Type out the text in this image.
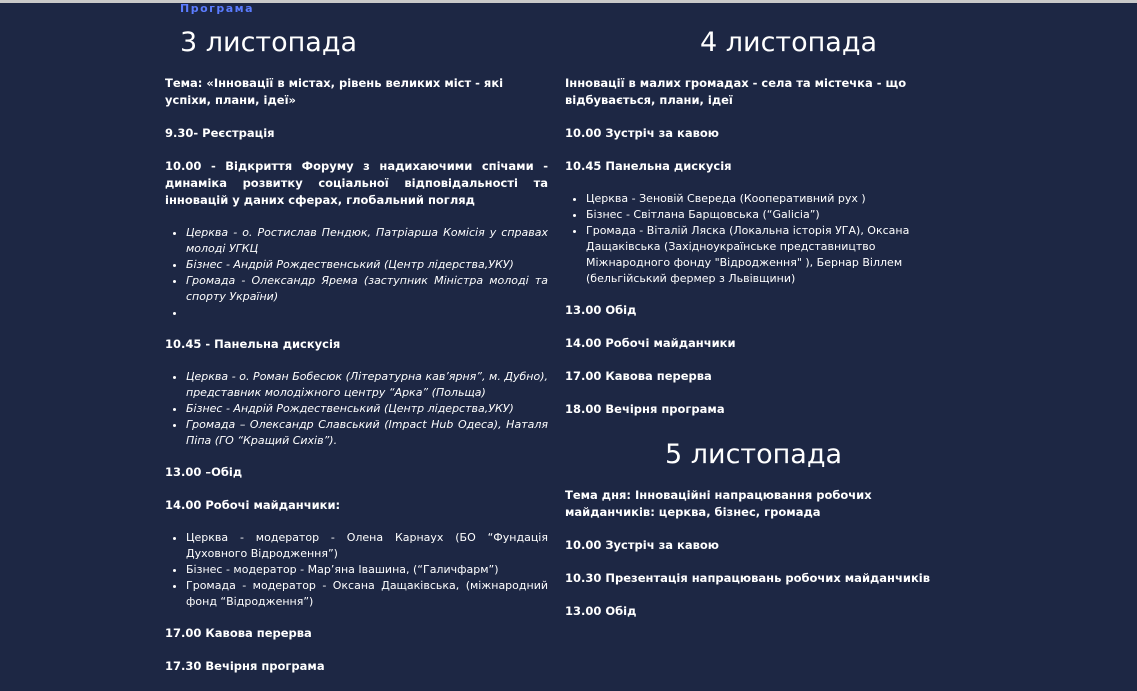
Програма
3 листопада
Тема: «Інновації в містах, рівень великих міст - які успіхи, плани, ідеї»
9.30- Реєстрація
10.00 - Відкриття Форуму з надихаючими спічами - динаміка розвитку соціальної відповідальності та інновацій у даних сферах, глобальний погляд
• Церква - о. Ростислав Пендюк, Патріарша Комісія у справах молоді УГКЦ
• Бізнес - Андрій Рождественський (Центр лідерства,УКУ)
• Громада - Олександр Ярема (заступник Міністра молоді та спорту України)
•
10.45 - Панельна дискусія
• Церква - о. Роман Бобесюк (Літературна кав’ярня”, м. Дубно), представник молодіжного центру “Арка” (Польща)
• Бізнес - Андрій Рождественський (Центр лідерства,УКУ)
• Громада – Олександр Славський (Impact Hub Одеса), Наталя Піпа (ГО “Кращий Сихів”).
13.00 –Обід
14.00 Робочі майданчики:
• Церква - модератор - Олена Карнаух (БО “Фундація Духовного Відродження”)
• Бізнес - модератор - Мар’яна Івашина, (“Галичфарм”)
• Громада - модератор - Оксана Дащаківська, (міжнародний фонд “Відродження”)
17.00 Кавова перерва
17.30 Вечірня програма
4 листопада
Інновації в малих громадах - села та містечка - що відбувається, плани, ідеї
10.00 Зустріч за кавою
10.45 Панельна дискусія
• Церква - Зеновій Свереда (Кооперативний рух )
• Бізнес - Світлана Барщовська (“Galicia”)
• Громада - Віталій Ляска (Локальна історія УГА), Оксана Дащаківська (Західноукраїнське представництво Міжнародного фонду "Відродження" ), Бернар Віллем (бельгійський фермер з Львівщини)
13.00 Обід
14.00 Робочі майданчики
17.00 Кавова перерва
18.00 Вечірня програма
5 листопада
Тема дня: Інноваційні напрацювання робочих майданчиків: церква, бізнес, громада
10.00 Зустріч за кавою
10.30 Презентація напрацювань робочих майданчиків
13.00 Обід
